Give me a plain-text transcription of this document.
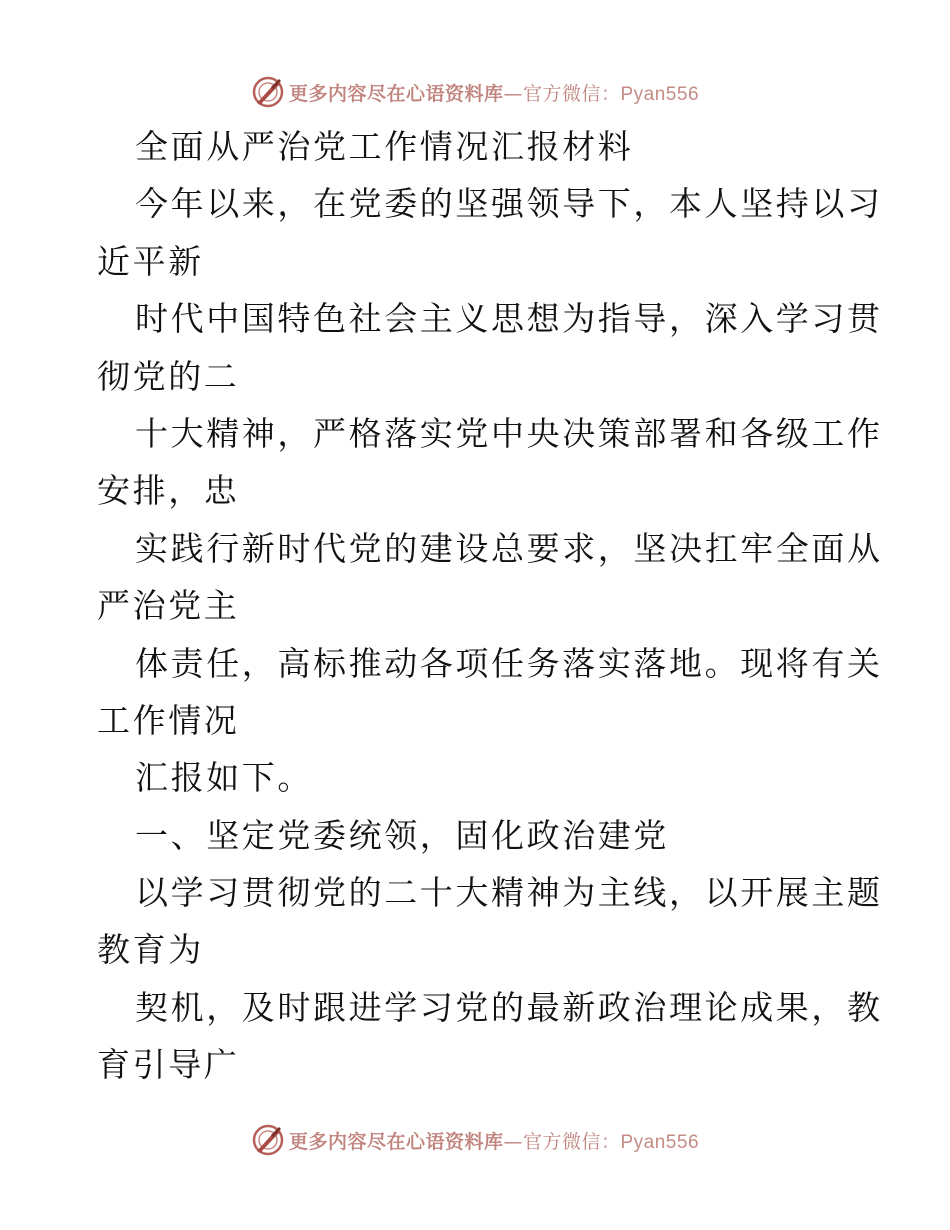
更多内容尽在心语资料库—官方微信：Pyan556
全面从严治党工作情况汇报材料
今年以来，在党委的坚强领导下，本人坚持以习
近平新
时代中国特色社会主义思想为指导，深入学习贯
彻党的二
十大精神，严格落实党中央决策部署和各级工作
安排，忠
实践行新时代党的建设总要求，坚决扛牢全面从
严治党主
体责任，高标推动各项任务落实落地。现将有关
工作情况
汇报如下。
一、坚定党委统领，固化政治建党
以学习贯彻党的二十大精神为主线，以开展主题
教育为
契机，及时跟进学习党的最新政治理论成果，教
育引导广
更多内容尽在心语资料库—官方微信：Pyan556
